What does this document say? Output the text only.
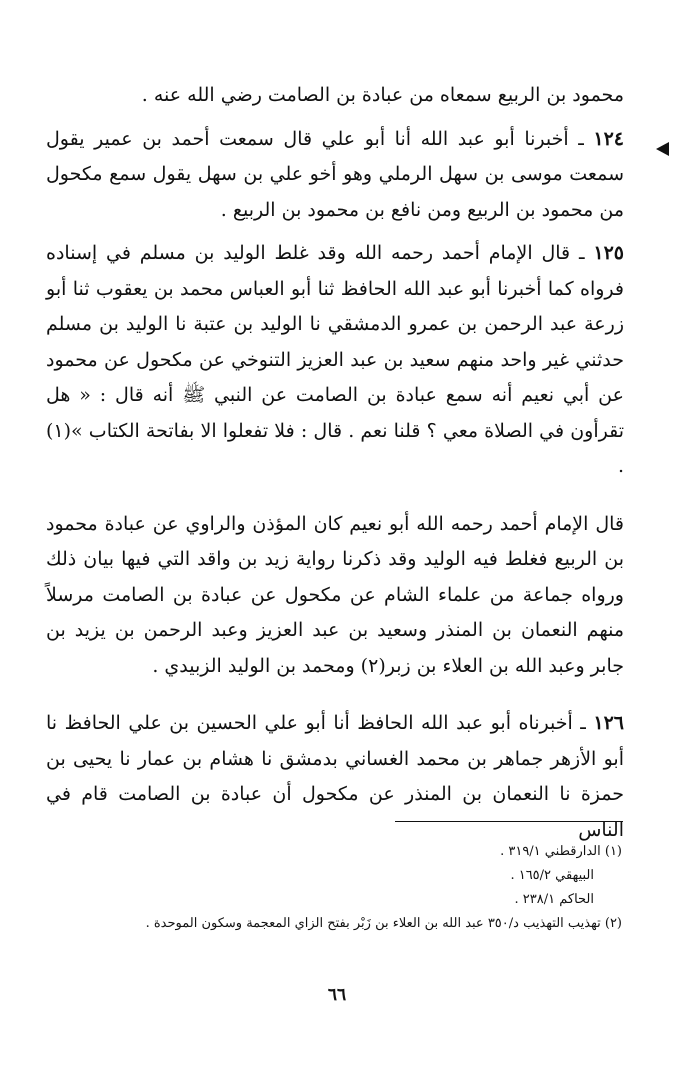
محمود بن الربيع سمعاه من عبادة بن الصامت رضي الله عنه .

١٢٤ ـ أخبرنا أبو عبد الله أنا أبو علي قال سمعت أحمد بن عمير يقول سمعت موسى بن سهل الرملي وهو أخو علي بن سهل يقول سمع مكحول من محمود بن الربيع ومن نافع بن محمود بن الربيع .

١٢٥ ـ قال الإمام أحمد رحمه الله وقد غلط الوليد بن مسلم في إسناده فرواه كما أخبرنا أبو عبد الله الحافظ ثنا أبو العباس محمد بن يعقوب ثنا أبو زرعة عبد الرحمن بن عمرو الدمشقي نا الوليد بن عتبة نا الوليد بن مسلم حدثني غير واحد منهم سعيد بن عبد العزيز التنوخي عن مكحول عن محمود عن أبي نعيم أنه سمع عبادة بن الصامت عن النبي ﷺ أنه قال : « هل تقرأون في الصلاة معي ؟ قلنا نعم . قال : فلا تفعلوا الا بفاتحة الكتاب »(١) .

قال الإمام أحمد رحمه الله أبو نعيم كان المؤذن والراوي عن عبادة محمود بن الربيع فغلط فيه الوليد وقد ذكرنا رواية زيد بن واقد التي فيها بيان ذلك ورواه جماعة من علماء الشام عن مكحول عن عبادة بن الصامت مرسلاً منهم النعمان بن المنذر وسعيد بن عبد العزيز وعبد الرحمن بن يزيد بن جابر وعبد الله بن العلاء بن زبر(٢) ومحمد بن الوليد الزبيدي .

١٢٦ ـ أخبرناه أبو عبد الله الحافظ أنا أبو علي الحسين بن علي الحافظ نا أبو الأزهر جماهر بن محمد الغساني بدمشق نا هشام بن عمار نا يحيى بن حمزة نا النعمان بن المنذر عن مكحول أن عبادة بن الصامت قام في الناس

(١) الدارقطني ٣١٩/١ .

البيهقي ١٦٥/٢ .

الحاكم ٢٣٨/١ .

(٢) تهذيب التهذيب د/٣٥٠ عبد الله بن العلاء بن زَبْر بفتح الزاي المعجمة وسكون الموحدة .

٦٦
